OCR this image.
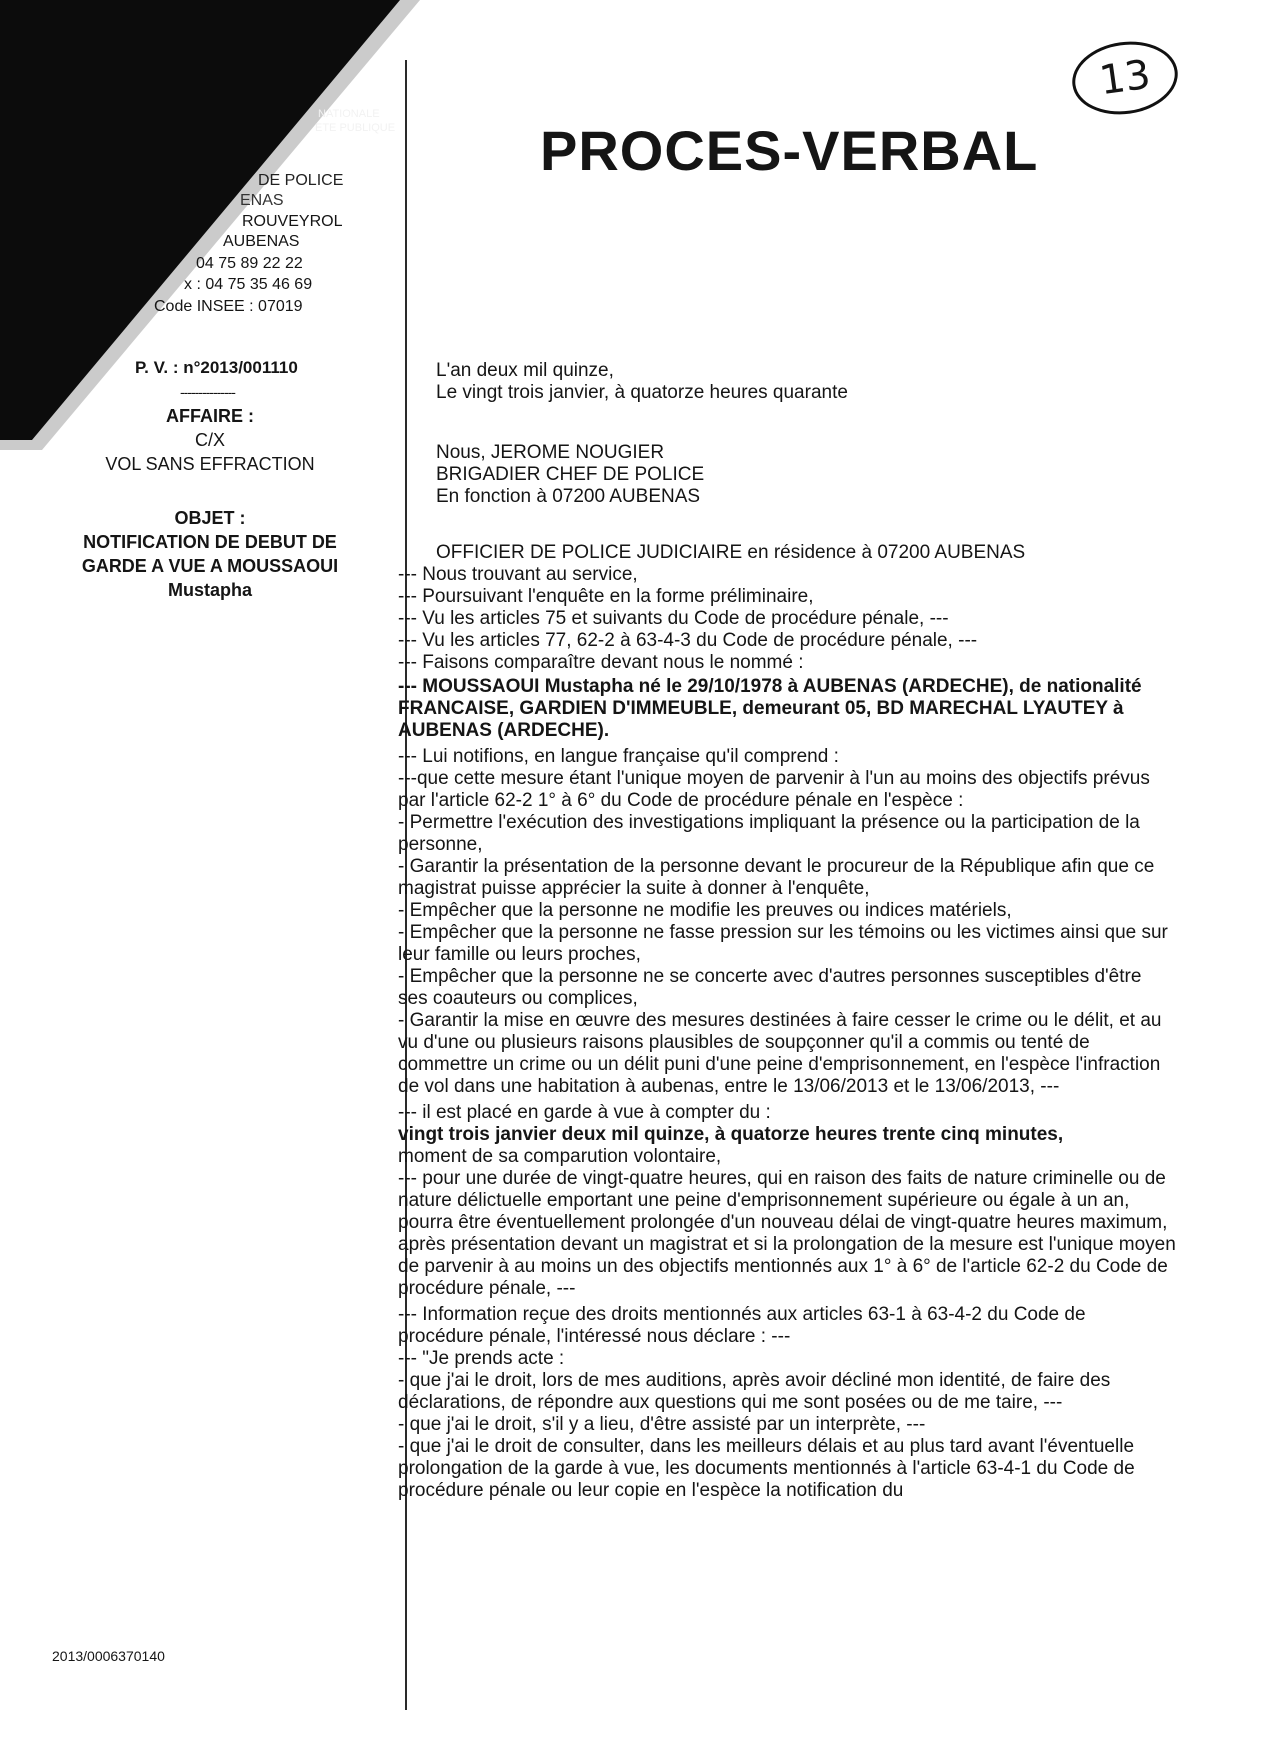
13
NATIONALE
ETE PUBLIQUE
DE POLICE
ENAS
ROUVEYROL
AUBENAS
04 75 89 22 22
x : 04 75 35 46 69
Code INSEE : 07019
P. V. : n°2013/001110
---------------
AFFAIRE :
C/X
VOL SANS EFFRACTION
OBJET :
NOTIFICATION DE DEBUT DE
GARDE A VUE A MOUSSAOUI
Mustapha
2013/0006370140
PROCES-VERBAL

L'an deux mil quinze,

Le vingt trois janvier, à quatorze heures quarante

Nous, JEROME NOUGIER

BRIGADIER CHEF DE POLICE

En fonction à 07200 AUBENAS

OFFICIER DE POLICE JUDICIAIRE en résidence à 07200 AUBENAS

--- Nous trouvant au service,

--- Poursuivant l'enquête en la forme préliminaire,

--- Vu les articles 75 et suivants du Code de procédure pénale, ---

--- Vu les articles 77, 62-2 à 63-4-3 du Code de procédure pénale, ---

--- Faisons comparaître devant nous le nommé :

--- MOUSSAOUI Mustapha né le 29/10/1978 à AUBENAS (ARDECHE), de nationalité FRANCAISE, GARDIEN D'IMMEUBLE, demeurant 05, BD MARECHAL LYAUTEY à AUBENAS (ARDECHE).

--- Lui notifions, en langue française qu'il comprend :

---que cette mesure étant l'unique moyen de parvenir à l'un au moins des objectifs prévus par l'article 62-2 1° à 6° du Code de procédure pénale en l'espèce :

- Permettre l'exécution des investigations impliquant la présence ou la participation de la personne,

- Garantir la présentation de la personne devant le procureur de la République afin que ce magistrat puisse apprécier la suite à donner à l'enquête,

- Empêcher que la personne ne modifie les preuves ou indices matériels,

- Empêcher que la personne ne fasse pression sur les témoins ou les victimes ainsi que sur leur famille ou leurs proches,

- Empêcher que la personne ne se concerte avec d'autres personnes susceptibles d'être ses coauteurs ou complices,

- Garantir la mise en œuvre des mesures destinées à faire cesser le crime ou le délit, et au vu d'une ou plusieurs raisons plausibles de soupçonner qu'il a commis ou tenté de commettre un crime ou un délit puni d'une peine d'emprisonnement, en l'espèce l'infraction de vol dans une habitation à aubenas, entre le 13/06/2013 et le 13/06/2013, ---

--- il est placé en garde à vue à compter du :

vingt trois janvier deux mil quinze, à quatorze heures trente cinq minutes,

moment de sa comparution volontaire,

--- pour une durée de vingt-quatre heures, qui en raison des faits de nature criminelle ou de nature délictuelle emportant une peine d'emprisonnement supérieure ou égale à un an, pourra être éventuellement prolongée d'un nouveau délai de vingt-quatre heures maximum, après présentation devant un magistrat et si la prolongation de la mesure est l'unique moyen de parvenir à au moins un des objectifs mentionnés aux 1° à 6° de l'article 62-2 du Code de procédure pénale, ---

--- Information reçue des droits mentionnés aux articles 63-1 à 63-4-2 du Code de procédure pénale, l'intéressé nous déclare : ---

--- "Je prends acte :

- que j'ai le droit, lors de mes auditions, après avoir décliné mon identité, de faire des déclarations, de répondre aux questions qui me sont posées ou de me taire, ---

- que j'ai le droit, s'il y a lieu, d'être assisté par un interprète, ---

- que j'ai le droit de consulter, dans les meilleurs délais et au plus tard avant l'éventuelle prolongation de la garde à vue, les documents mentionnés à l'article 63-4-1 du Code de procédure pénale ou leur copie en l'espèce la notification du
